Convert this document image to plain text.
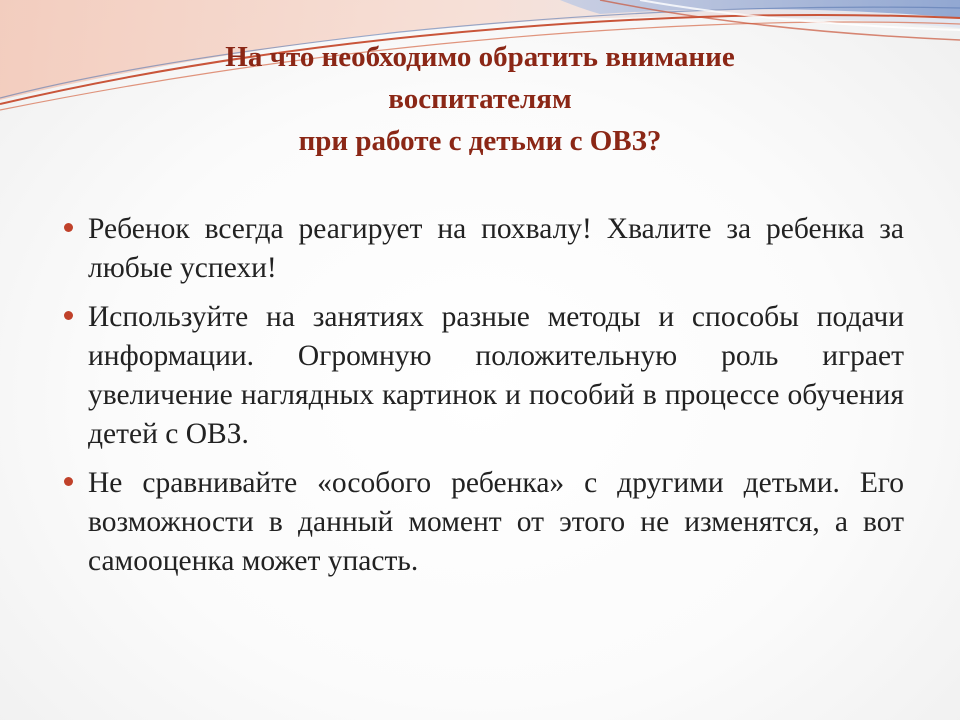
На что необходимо обратить внимание
воспитателям
при работе с детьми с ОВЗ?
Ребенок всегда реагирует на похвалу! Хвалите за ребенка за любые успехи!
Используйте на занятиях разные методы и способы подачи информации. Огромную положительную роль играет увеличение наглядных картинок и пособий в процессе обучения детей с ОВЗ.
Не сравнивайте «особого ребенка» с другими детьми. Его возможности в данный момент от этого не изменятся, а вот самооценка может упасть.
